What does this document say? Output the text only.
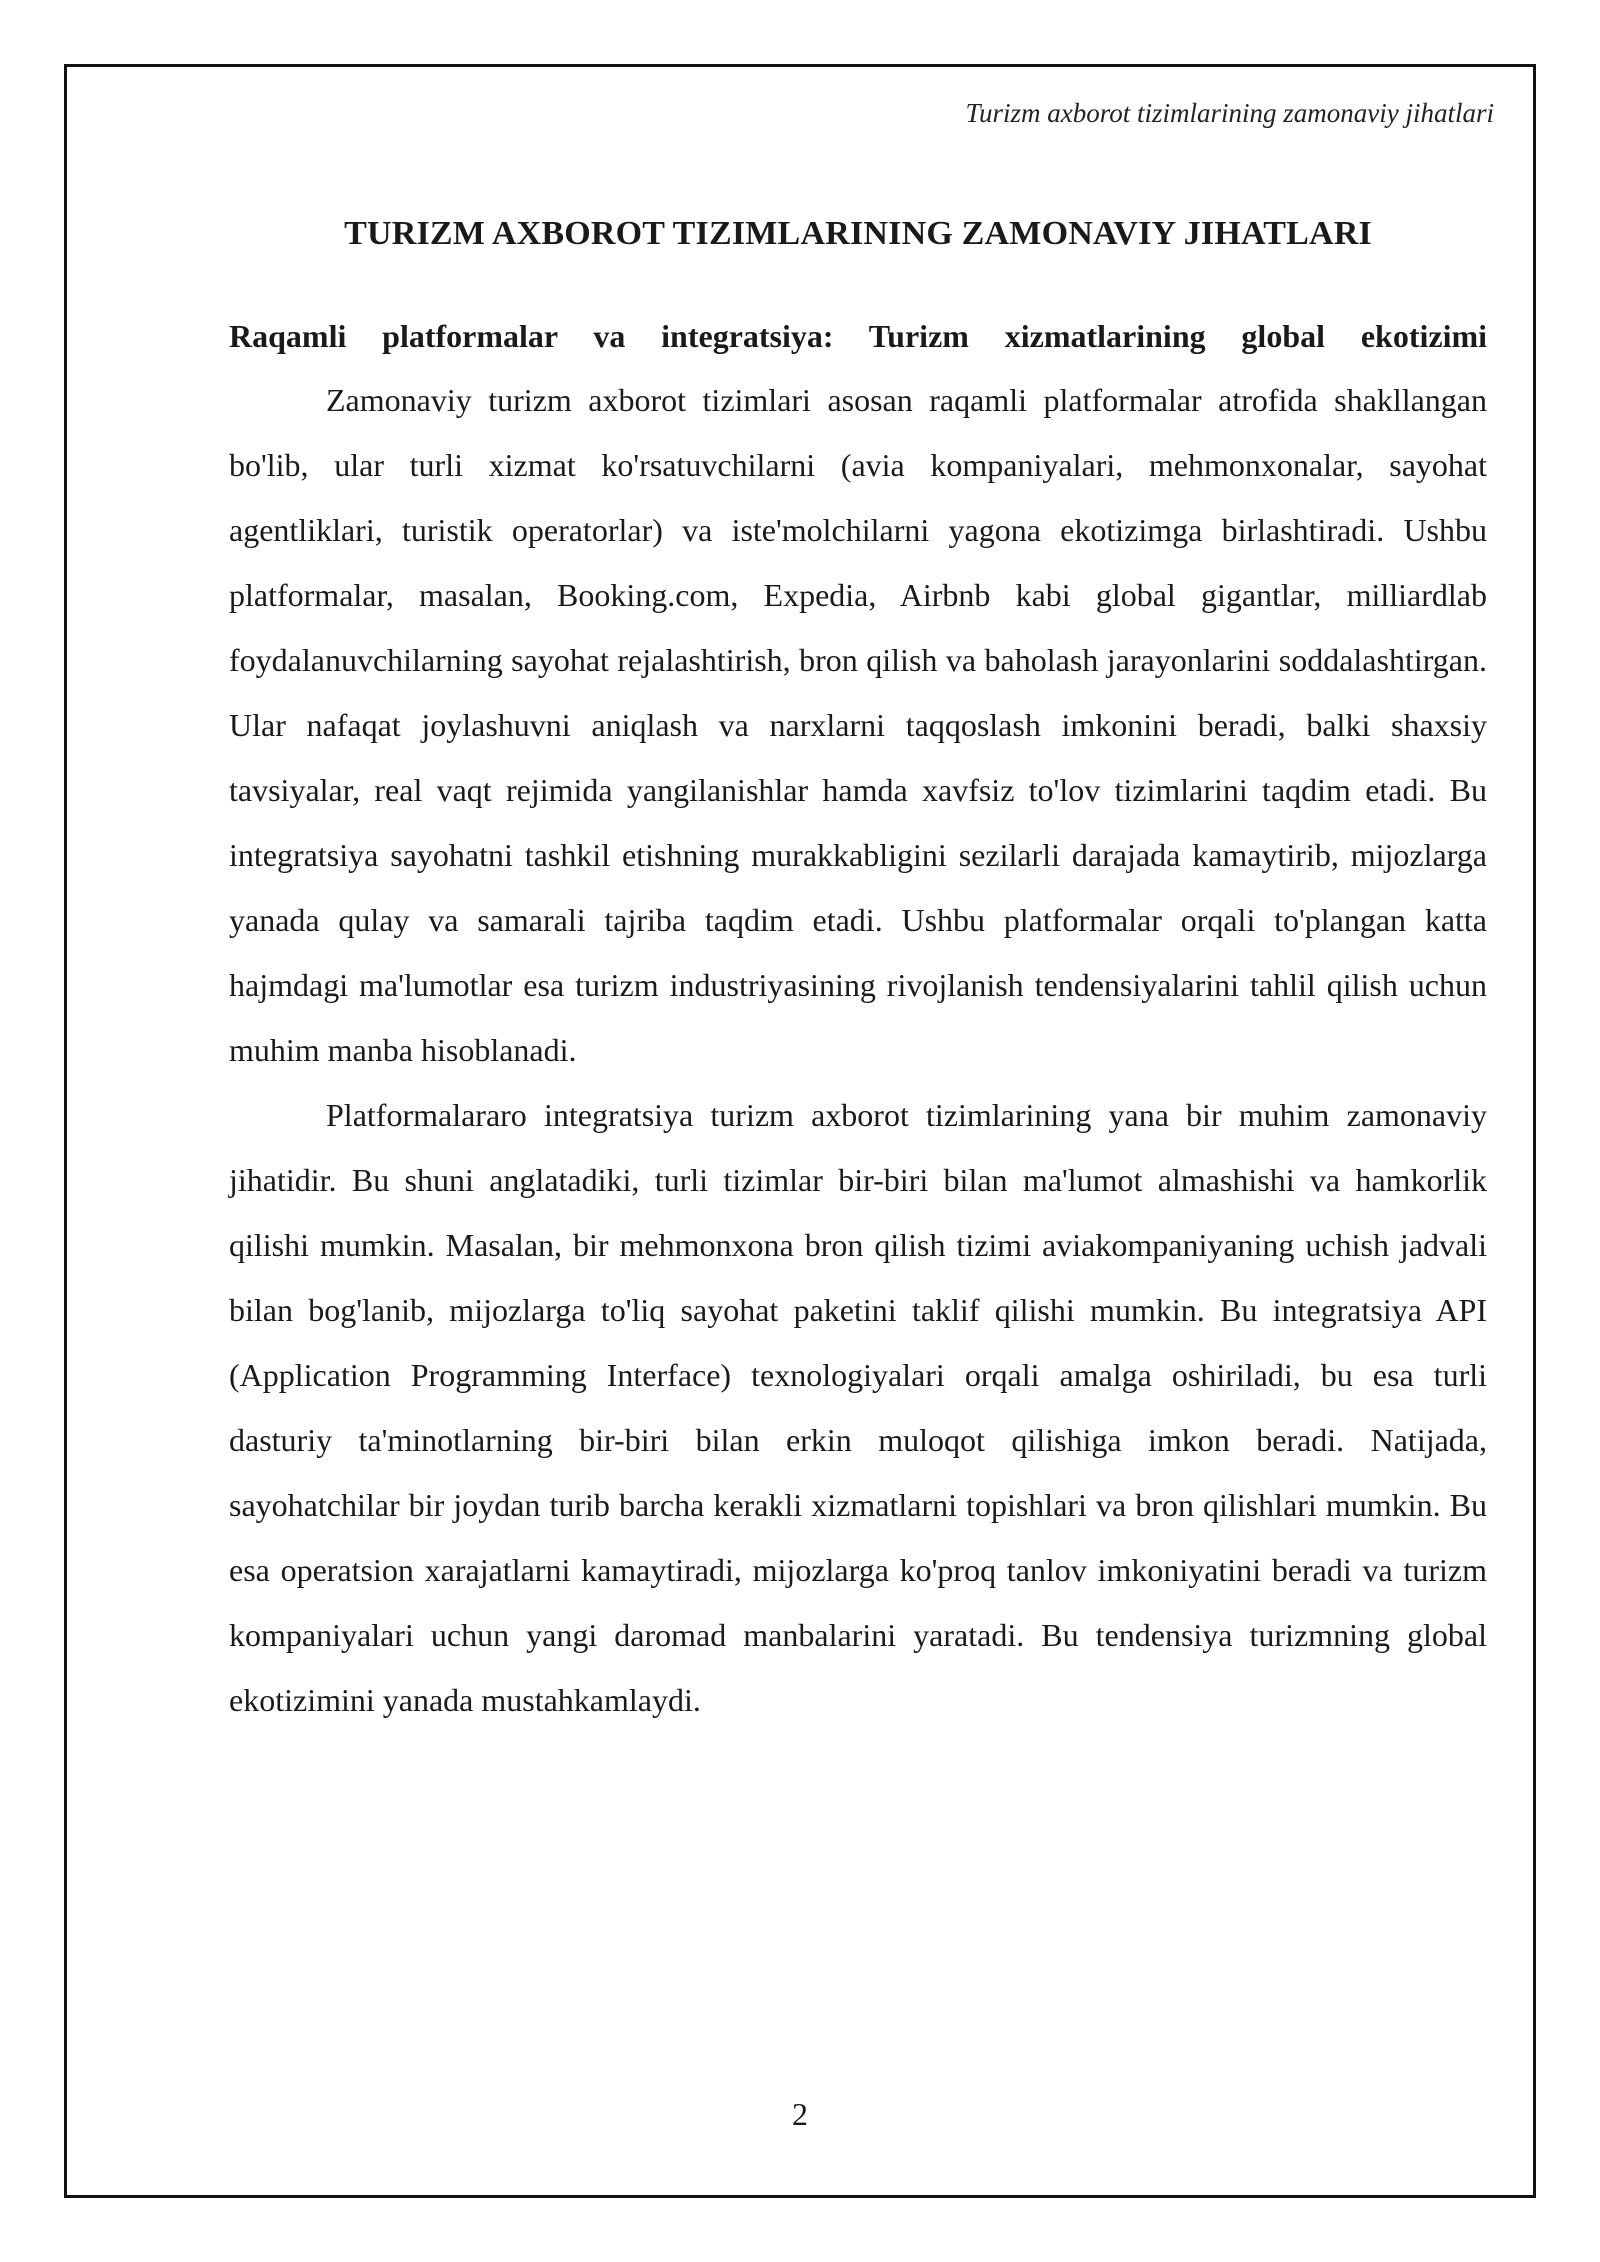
Turizm axborot tizimlarining zamonaviy jihatlari
TURIZM AXBOROT TIZIMLARINING ZAMONAVIY JIHATLARI
Raqamli platformalar va integratsiya: Turizm xizmatlarining global ekotizimi

Zamonaviy turizm axborot tizimlari asosan raqamli platformalar atrofida shakllangan bo'lib, ular turli xizmat ko'rsatuvchilarni (avia kompaniyalari, mehmonxonalar, sayohat agentliklari, turistik operatorlar) va iste'molchilarni yagona ekotizimga birlashtiradi. Ushbu platformalar, masalan, Booking.com, Expedia, Airbnb kabi global gigantlar, milliardlab foydalanuvchilarning sayohat rejalashtirish, bron qilish va baholash jarayonlarini soddalashtirgan. Ular nafaqat joylashuvni aniqlash va narxlarni taqqoslash imkonini beradi, balki shaxsiy tavsiyalar, real vaqt rejimida yangilanishlar hamda xavfsiz to'lov tizimlarini taqdim etadi. Bu integratsiya sayohatni tashkil etishning murakkabligini sezilarli darajada kamaytirib, mijozlarga yanada qulay va samarali tajriba taqdim etadi. Ushbu platformalar orqali to'plangan katta hajmdagi ma'lumotlar esa turizm industriyasining rivojlanish tendensiyalarini tahlil qilish uchun muhim manba hisoblanadi.

Platformalararo integratsiya turizm axborot tizimlarining yana bir muhim zamonaviy jihatidir. Bu shuni anglatadiki, turli tizimlar bir-biri bilan ma'lumot almashishi va hamkorlik qilishi mumkin. Masalan, bir mehmonxona bron qilish tizimi aviakompaniyaning uchish jadvali bilan bog'lanib, mijozlarga to'liq sayohat paketini taklif qilishi mumkin. Bu integratsiya API (Application Programming Interface) texnologiyalari orqali amalga oshiriladi, bu esa turli dasturiy ta'minotlarning bir-biri bilan erkin muloqot qilishiga imkon beradi. Natijada, sayohatchilar bir joydan turib barcha kerakli xizmatlarni topishlari va bron qilishlari mumkin. Bu esa operatsion xarajatlarni kamaytiradi, mijozlarga ko'proq tanlov imkoniyatini beradi va turizm kompaniyalari uchun yangi daromad manbalarini yaratadi. Bu tendensiya turizmning global ekotizimini yanada mustahkamlaydi.

2
